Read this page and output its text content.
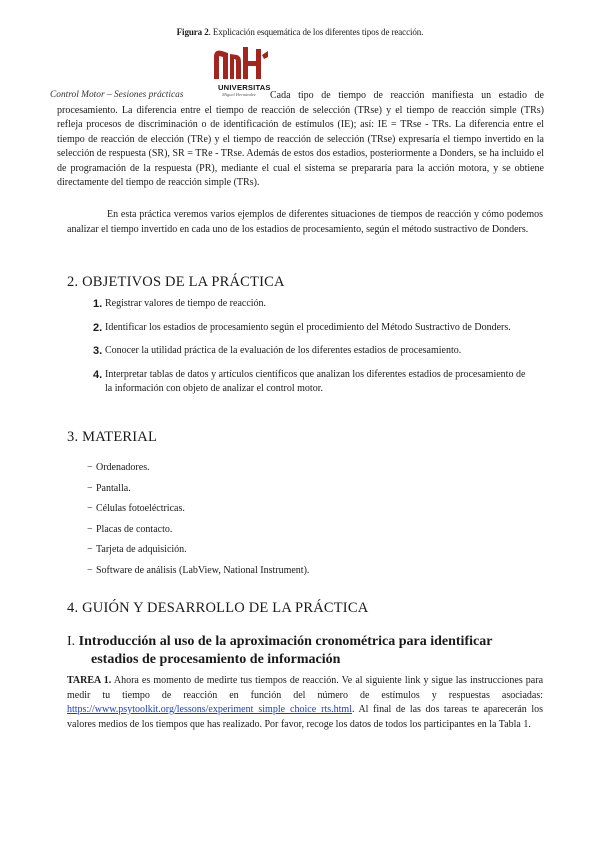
Figura 2. Explicación esquemática de los diferentes tipos de reacción.
UNIVERSITAS
Miguel Hernández
Control Motor – Sesiones prácticas	Cada tipo de tiempo de reacción manifiesta un estadio de procesamiento. La diferencia entre el tiempo de reacción de selección (TRse) y el tiempo de reacción simple (TRs) refleja procesos de discriminación o de identificación de estímulos (IE); así: IE = TRse - TRs. La diferencia entre el tiempo de reacción de elección (TRe) y el tiempo de reacción de selección (TRse) expresaría el tiempo invertido en la selección de respuesta (SR), SR = TRe - TRse. Además de estos dos estadios, posteriormente a Donders, se ha incluido el de programación de la respuesta (PR), mediante el cual el sistema se prepararía para la acción motora, y se obtiene directamente del tiempo de reacción simple (TRs).

En esta práctica veremos varios ejemplos de diferentes situaciones de tiempos de reacción y cómo podemos analizar el tiempo invertido en cada uno de los estadios de procesamiento, según el método sustractivo de Donders.

2. OBJETIVOS DE LA PRÁCTICA
1. Registrar valores de tiempo de reacción.
2. Identificar los estadios de procesamiento según el procedimiento del Método Sustractivo de Donders.
3. Conocer la utilidad práctica de la evaluación de los diferentes estadios de procesamiento.
4. Interpretar tablas de datos y artículos científicos que analizan los diferentes estadios de procesamiento de la información con objeto de analizar el control motor.
3. MATERIAL
− Ordenadores.
− Pantalla.
− Células fotoeléctricas.
− Placas de contacto.
− Tarjeta de adquisición.
− Software de análisis (LabView, National Instrument).
4. GUIÓN Y DESARROLLO DE LA PRÁCTICA
I. Introducción al uso de la aproximación cronométrica para identificar
estadios de procesamiento de información

TAREA 1. Ahora es momento de medirte tus tiempos de reacción. Ve al siguiente link y sigue las instrucciones para medir tu tiempo de reacción en función del número de estímulos y respuestas asociadas: https://www.psytoolkit.org/lessons/experiment_simple_choice_rts.html. Al final de las dos tareas te aparecerán los valores medios de los tiempos que has realizado. Por favor, recoge los datos de todos los participantes en la Tabla 1.
